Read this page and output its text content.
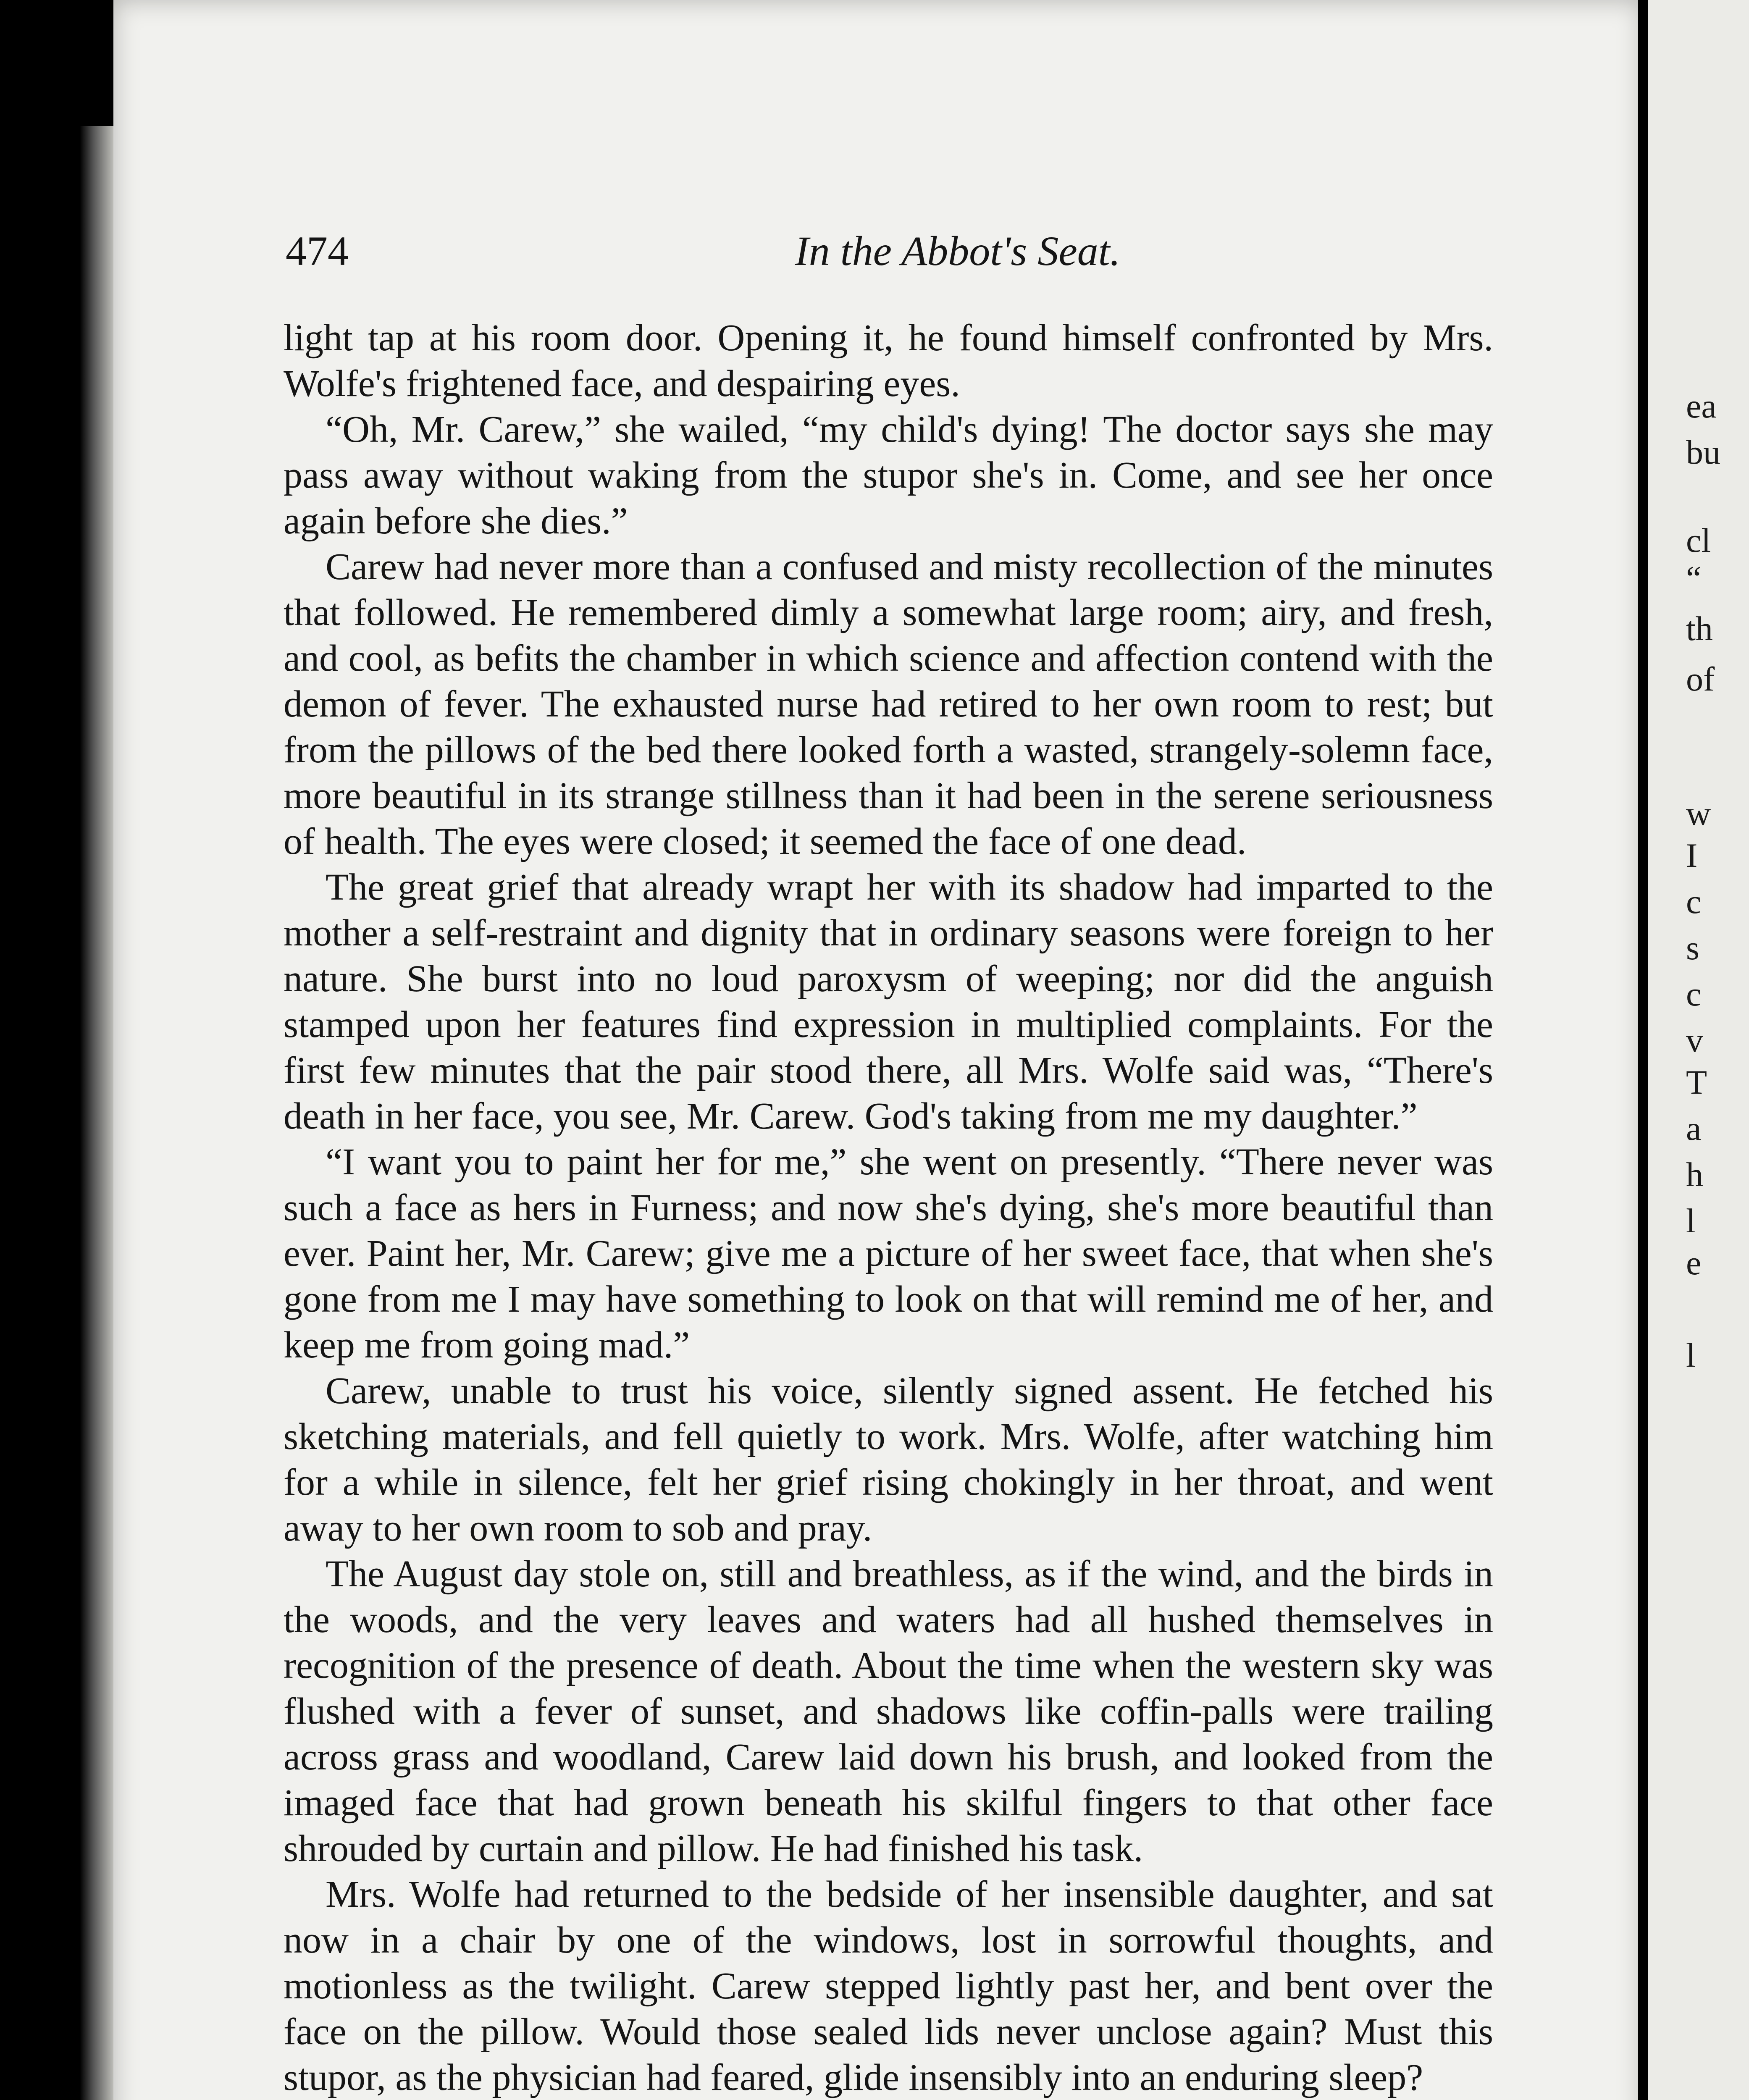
474	In the Abbot's Seat.

light tap at his room door. Opening it, he found himself confronted by Mrs. Wolfe's frightened face, and despairing eyes.

“Oh, Mr. Carew,” she wailed, “my child's dying! The doctor says she may pass away without waking from the stupor she's in. Come, and see her once again before she dies.”

Carew had never more than a confused and misty recollection of the minutes that followed. He remembered dimly a somewhat large room; airy, and fresh, and cool, as befits the chamber in which science and affection contend with the demon of fever. The exhausted nurse had retired to her own room to rest; but from the pillows of the bed there looked forth a wasted, strangely-solemn face, more beautiful in its strange stillness than it had been in the serene seriousness of health. The eyes were closed; it seemed the face of one dead.

The great grief that already wrapt her with its shadow had imparted to the mother a self-restraint and dignity that in ordinary seasons were foreign to her nature. She burst into no loud paroxysm of weeping; nor did the anguish stamped upon her features find expression in multiplied complaints. For the first few minutes that the pair stood there, all Mrs. Wolfe said was, “There's death in her face, you see, Mr. Carew. God's taking from me my daughter.”

“I want you to paint her for me,” she went on presently. “There never was such a face as hers in Furness; and now she's dying, she's more beautiful than ever. Paint her, Mr. Carew; give me a picture of her sweet face, that when she's gone from me I may have something to look on that will remind me of her, and keep me from going mad.”

Carew, unable to trust his voice, silently signed assent. He fetched his sketching materials, and fell quietly to work. Mrs. Wolfe, after watching him for a while in silence, felt her grief rising chokingly in her throat, and went away to her own room to sob and pray.

The August day stole on, still and breathless, as if the wind, and the birds in the woods, and the very leaves and waters had all hushed themselves in recognition of the presence of death. About the time when the western sky was flushed with a fever of sunset, and shadows like coffin-palls were trailing across grass and woodland, Carew laid down his brush, and looked from the imaged face that had grown beneath his skilful fingers to that other face shrouded by curtain and pillow. He had finished his task.

Mrs. Wolfe had returned to the bedside of her insensible daughter, and sat now in a chair by one of the windows, lost in sorrowful thoughts, and motionless as the twilight. Carew stepped lightly past her, and bent over the face on the pillow. Would those sealed lids never unclose again? Must this stupor, as the physician had feared, glide insensibly into an enduring sleep?

ea
bu
cl
“
th
of
w
I
c
s
c
v
T
a
h
l
e
l
